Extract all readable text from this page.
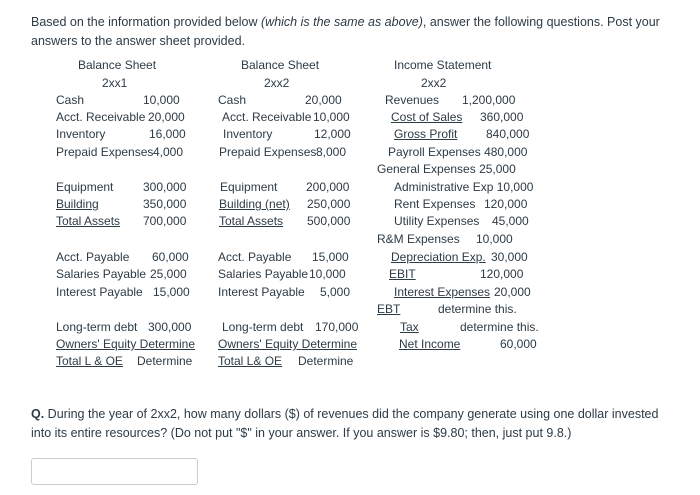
Based on the information provided below (which is the same as above), answer the following questions. Post your answers to the answer sheet provided.
Balance Sheet
2xx1
Cash	10,000
Acct. Receivable 20,000
Inventory	16,000
Prepaid Expenses 4,000
Equipment 300,000
Building	350,000
Total Assets 700,000
Acct. Payable 60,000
Salaries Payable 25,000
Interest Payable 15,000
Long-term debt 300,000
Owners' Equity Determine
Total L & OE Determine
Balance Sheet
2xx2
Cash	20,000
Acct. Receivable 10,000
Inventory	12,000
Prepaid Expenses 8,000
Equipment 200,000
Building (net) 250,000
Total Assets 500,000
Acct. Payable 15,000
Salaries Payable 10,000
Interest Payable 5,000
Long-term debt 170,000
Owners' Equity Determine
Total L& OE Determine
Income Statement
2xx2
Revenues 1,200,000
Cost of Sales 360,000
Gross Profit 840,000
Payroll Expenses 480,000
General Expenses 25,000
Administrative Exp 10,000
Rent Expenses 120,000
Utility Expenses 45,000
R&M Expenses 10,000
Depreciation Exp. 30,000
EBIT	120,000
Interest Expenses 20,000
EBT	determine this.
Tax	determine this.
Net Income	60,000
Q. During the year of 2xx2, how many dollars ($) of revenues did the company generate using one dollar invested into its entire resources? (Do not put "$" in your answer. If you answer is $9.80; then, just put 9.8.)
